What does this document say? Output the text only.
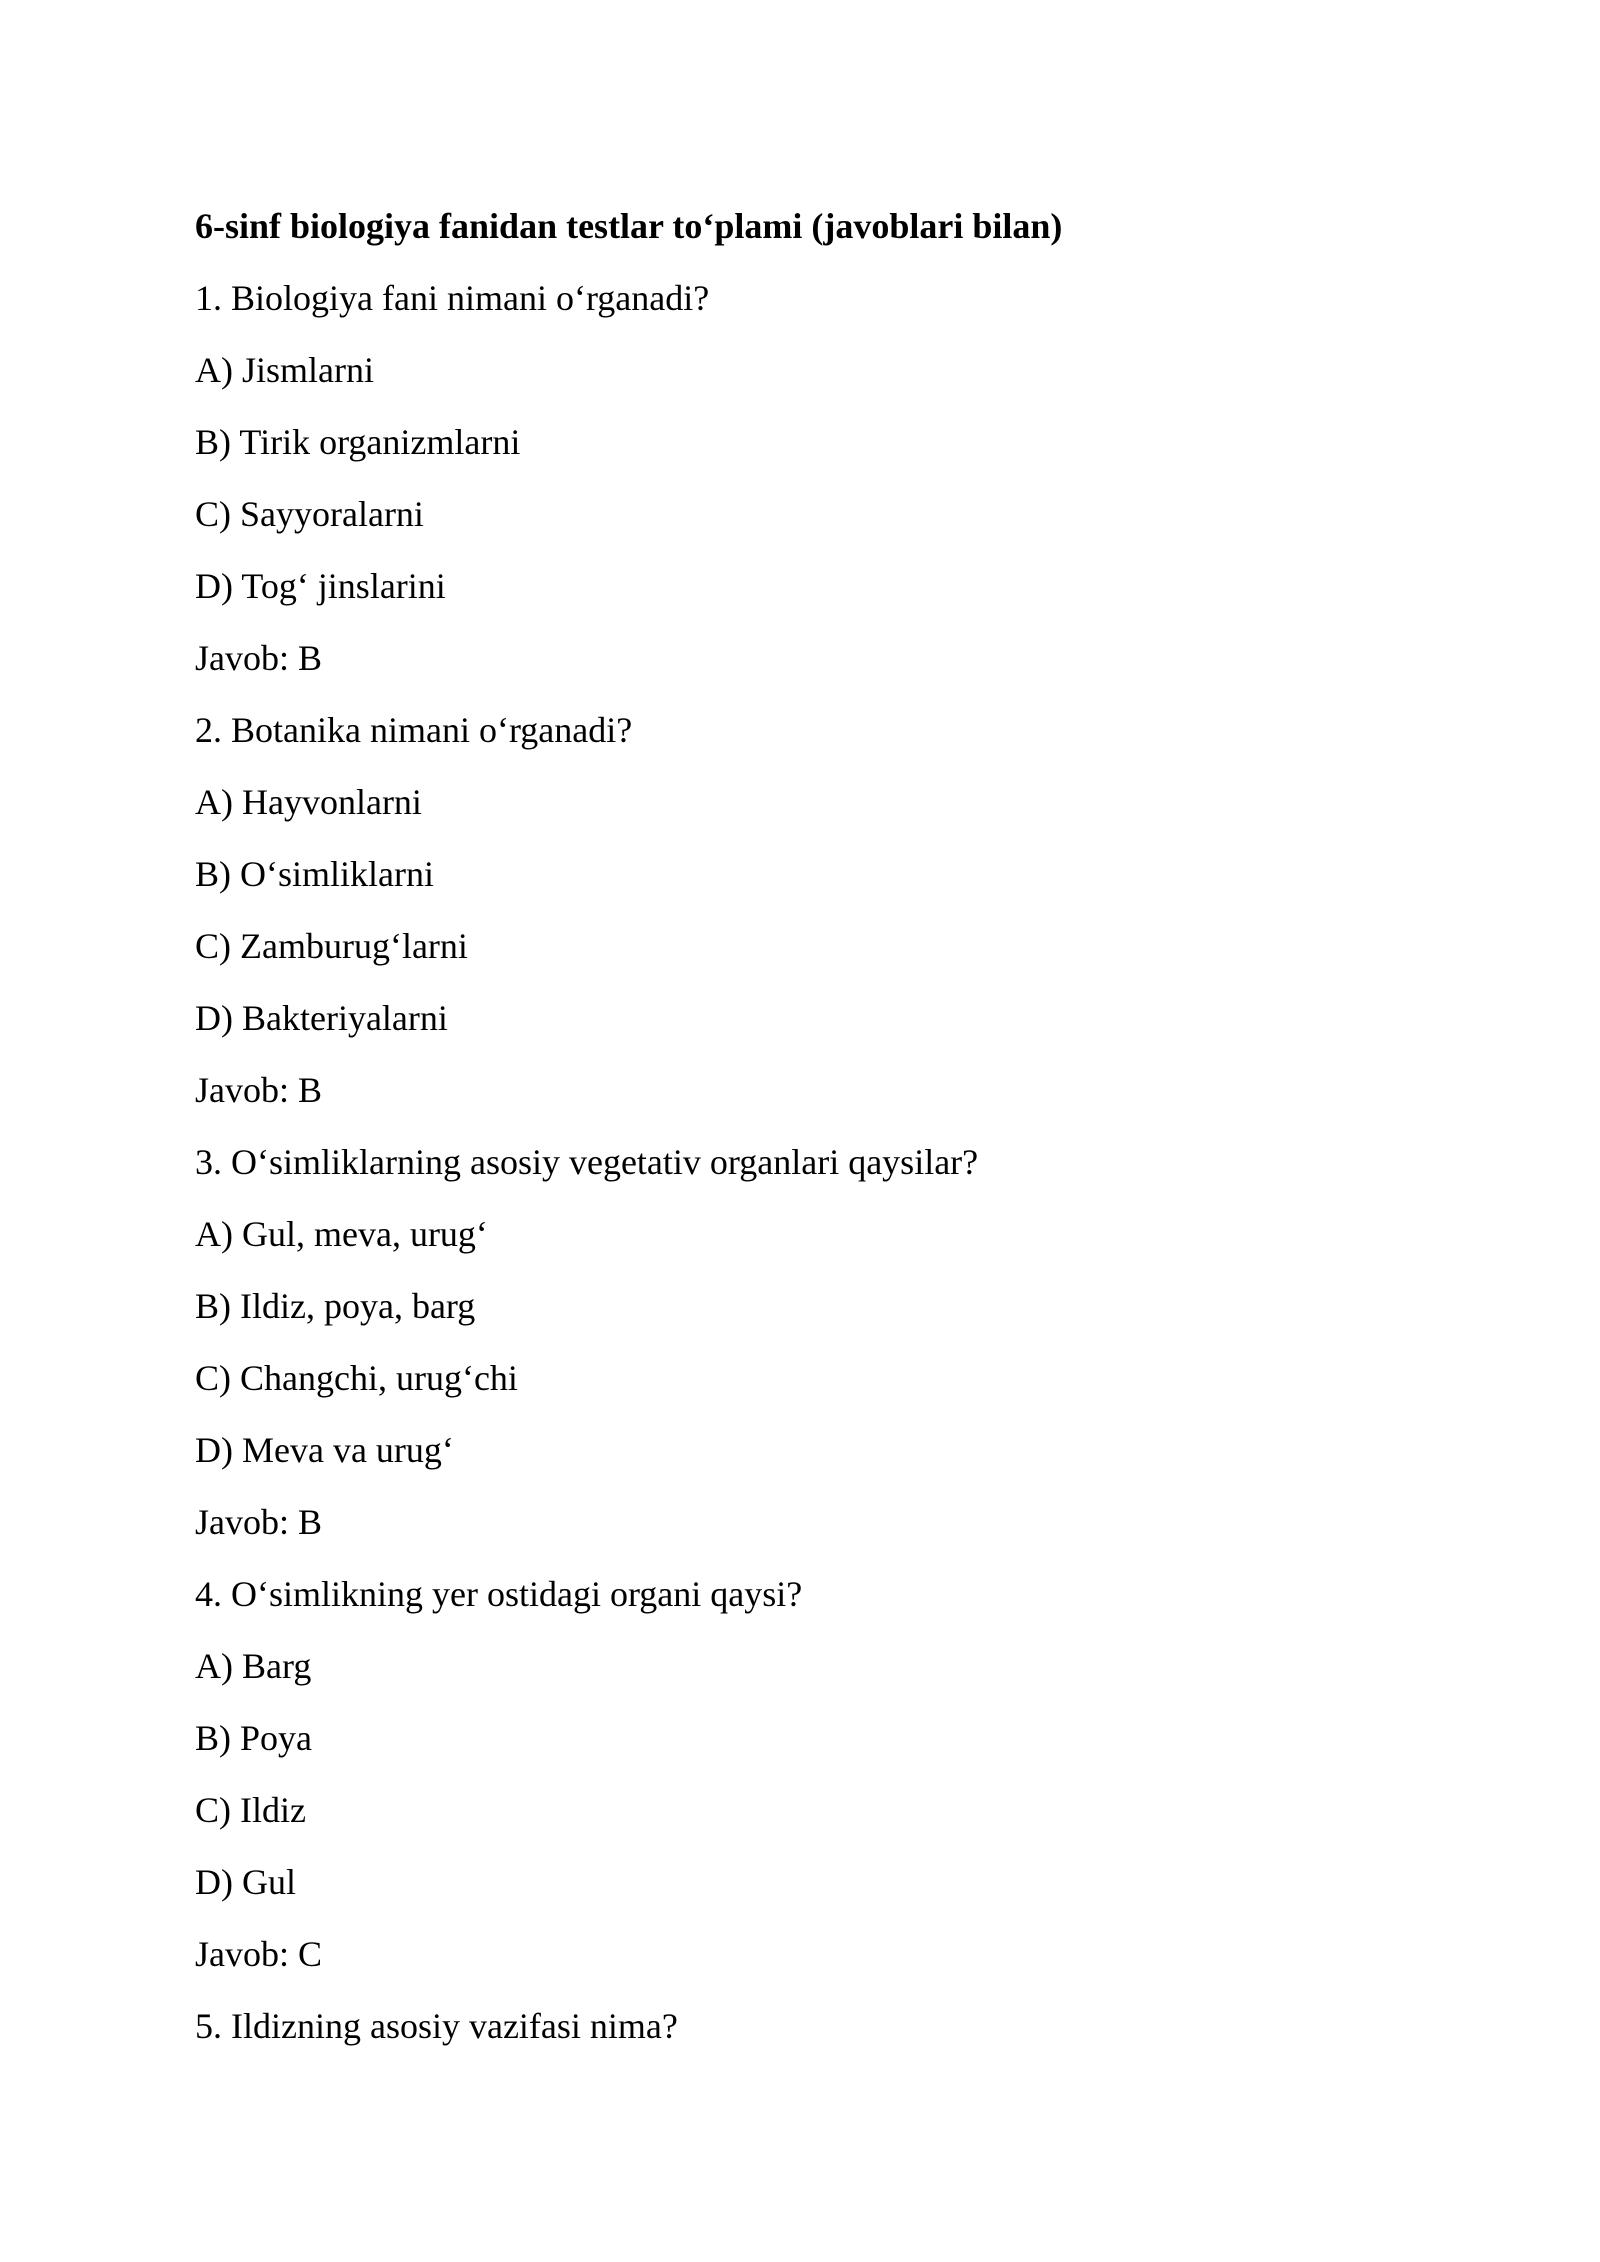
6-sinf biologiya fanidan testlar to‘plami (javoblari bilan)
1. Biologiya fani nimani o‘rganadi?
A) Jismlarni
B) Tirik organizmlarni
C) Sayyoralarni
D) Tog‘ jinslarini
Javob: B
2. Botanika nimani o‘rganadi?
A) Hayvonlarni
B) O‘simliklarni
C) Zamburug‘larni
D) Bakteriyalarni
Javob: B
3. O‘simliklarning asosiy vegetativ organlari qaysilar?
A) Gul, meva, urug‘
B) Ildiz, poya, barg
C) Changchi, urug‘chi
D) Meva va urug‘
Javob: B
4. O‘simlikning yer ostidagi organi qaysi?
A) Barg
B) Poya
C) Ildiz
D) Gul
Javob: C
5. Ildizning asosiy vazifasi nima?
